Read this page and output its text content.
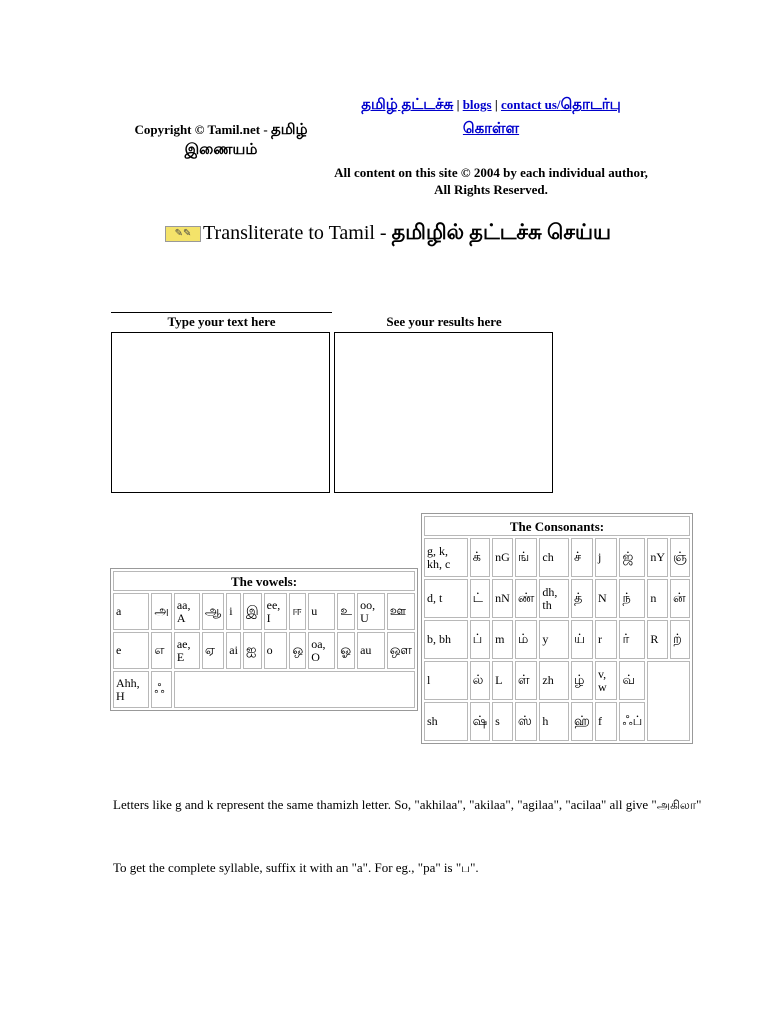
Copyright © Tamil.net - தமிழ் இணையம்
தமிழ் தட்டச்சு | blogs | contact us/தொடர்பு கொள்ள
All content on this site © 2004 by each individual author, All Rights Reserved.
✎✎ Transliterate to Tamil - தமிழில் தட்டச்சு செய்ய
Type your text here	See your results here
The vowels:											
a	அ	aa, A	ஆ	i	இ	ee, I	ஈ	u	உ	oo, U	ஊ
e	எ	ae, E	ஏ	ai	ஐ	o	ஒ	oa, O	ஓ	au	ஔ
Ahh, H	ஃ										
The Consonants:									
g, k, kh, c	க்	nG	ங்	ch	ச்	j	ஜ்	nY	ஞ்
d, t	ட்	nN	ண்	dh, th	த்	N	ந்	n	ன்
b, bh	ப்	m	ம்	y	ய்	r	ர்	R	ற்
l	ல்	L	ள்	zh	ழ்	v, w	வ்		
sh	ஷ்	s	ஸ்	h	ஹ்	f	ஃப்		
Letters like g and k represent the same thamizh letter. So, "akhilaa", "akilaa", "agilaa", "acilaa" all give "அகிலா"
To get the complete syllable, suffix it with an "a". For eg., "pa" is "ப".
